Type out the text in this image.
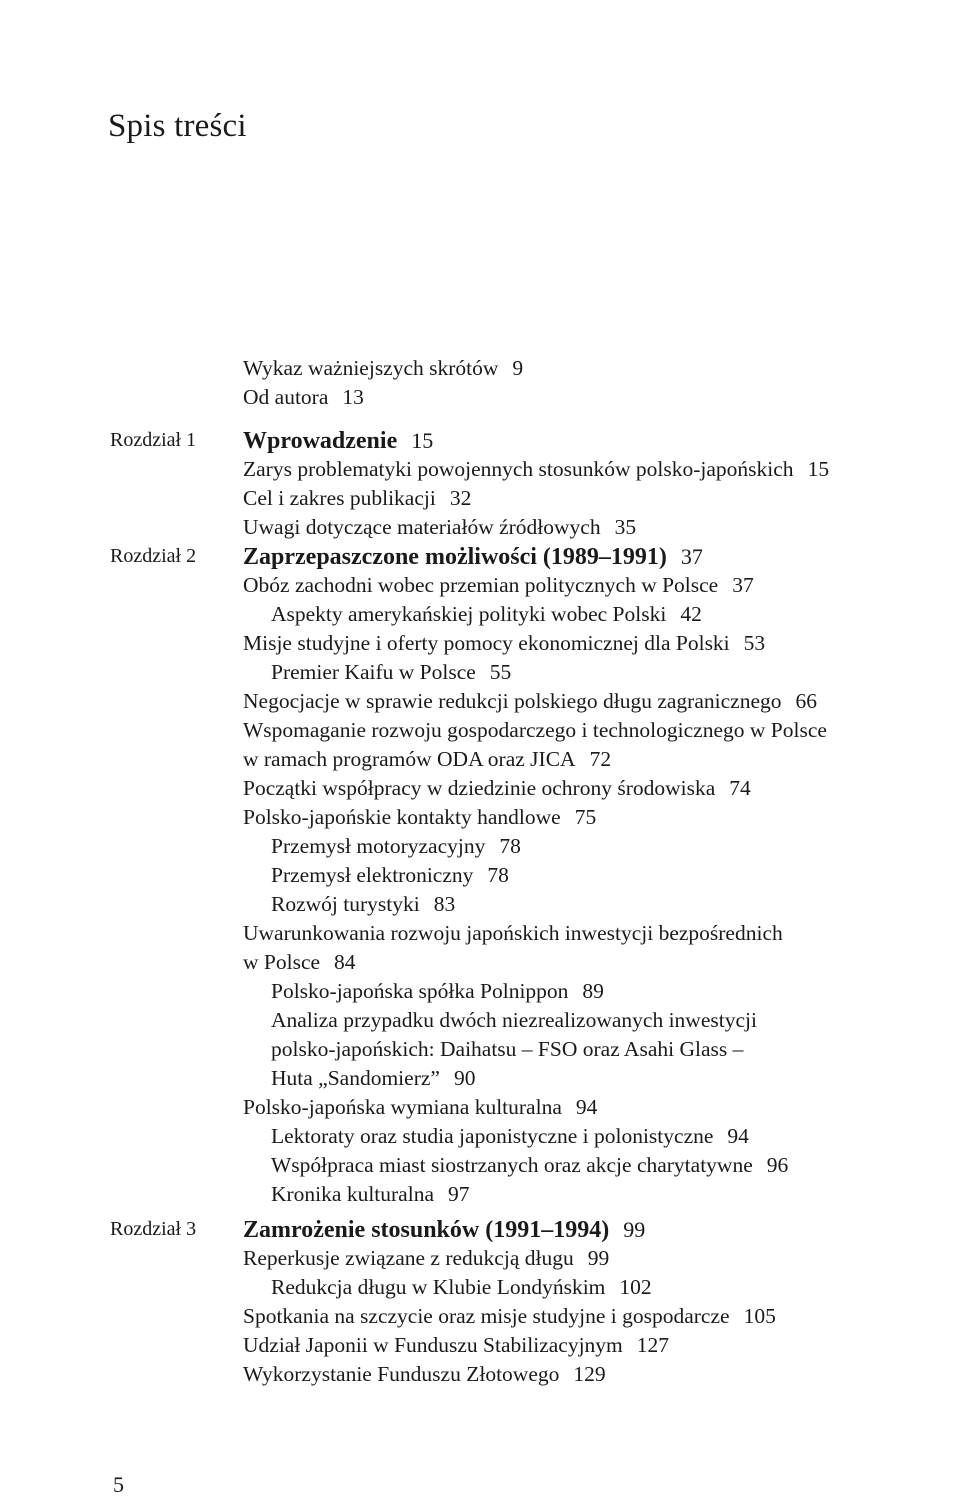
Spis treści
Wykaz ważniejszych skrótów 9
Od autora 13
Rozdział 1 Wprowadzenie 15
Zarys problematyki powojennych stosunków polsko-japońskich 15
Cel i zakres publikacji 32
Uwagi dotyczące materiałów źródłowych 35
Rozdział 2 Zaprzepaszczone możliwości (1989–1991) 37
Obóz zachodni wobec przemian politycznych w Polsce 37
Aspekty amerykańskiej polityki wobec Polski 42
Misje studyjne i oferty pomocy ekonomicznej dla Polski 53
Premier Kaifu w Polsce 55
Negocjacje w sprawie redukcji polskiego długu zagranicznego 66
Wspomaganie rozwoju gospodarczego i technologicznego w Polsce
w ramach programów ODA oraz JICA 72
Początki współpracy w dziedzinie ochrony środowiska 74
Polsko-japońskie kontakty handlowe 75
Przemysł motoryzacyjny 78
Przemysł elektroniczny 78
Rozwój turystyki 83
Uwarunkowania rozwoju japońskich inwestycji bezpośrednich
w Polsce 84
Polsko-japońska spółka Polnippon 89
Analiza przypadku dwóch niezrealizowanych inwestycji
polsko-japońskich: Daihatsu – FSO oraz Asahi Glass –
Huta „Sandomierz” 90
Polsko-japońska wymiana kulturalna 94
Lektoraty oraz studia japonistyczne i polonistyczne 94
Współpraca miast siostrzanych oraz akcje charytatywne 96
Kronika kulturalna 97
Rozdział 3 Zamrożenie stosunków (1991–1994) 99
Reperkusje związane z redukcją długu 99
Redukcja długu w Klubie Londyńskim 102
Spotkania na szczycie oraz misje studyjne i gospodarcze 105
Udział Japonii w Funduszu Stabilizacyjnym 127
Wykorzystanie Funduszu Złotowego 129
5
